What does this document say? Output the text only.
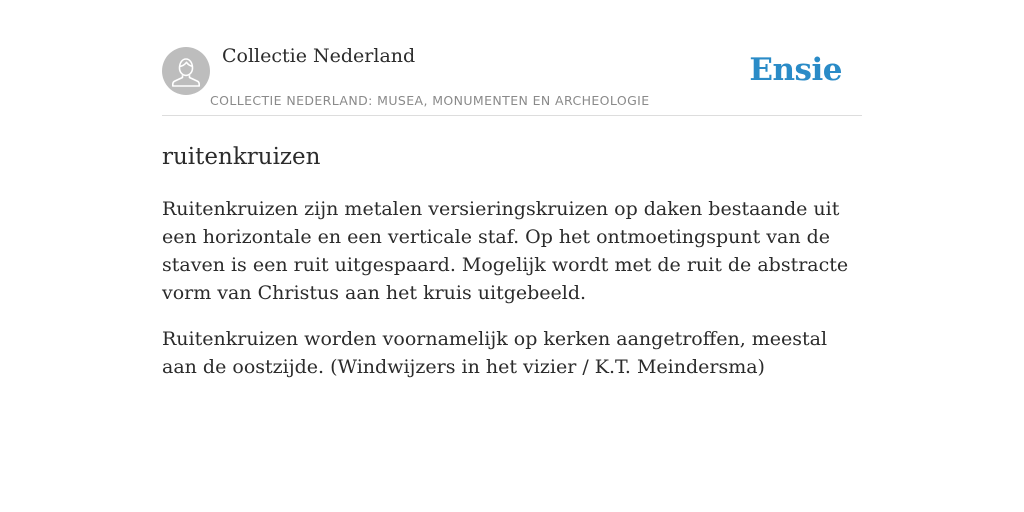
Collectie Nederland
COLLECTIE NEDERLAND: MUSEA, MONUMENTEN EN ARCHEOLOGIE
Ensie
ruitenkruizen

Ruitenkruizen zijn metalen versieringskruizen op daken bestaande uit een horizontale en een verticale staf. Op het ontmoetingspunt van de staven is een ruit uitgespaard. Mogelijk wordt met de ruit de abstracte vorm van Christus aan het kruis uitgebeeld.

Ruitenkruizen worden voornamelijk op kerken aangetroffen, meestal aan de oostzijde. (Windwijzers in het vizier / K.T. Meindersma)
